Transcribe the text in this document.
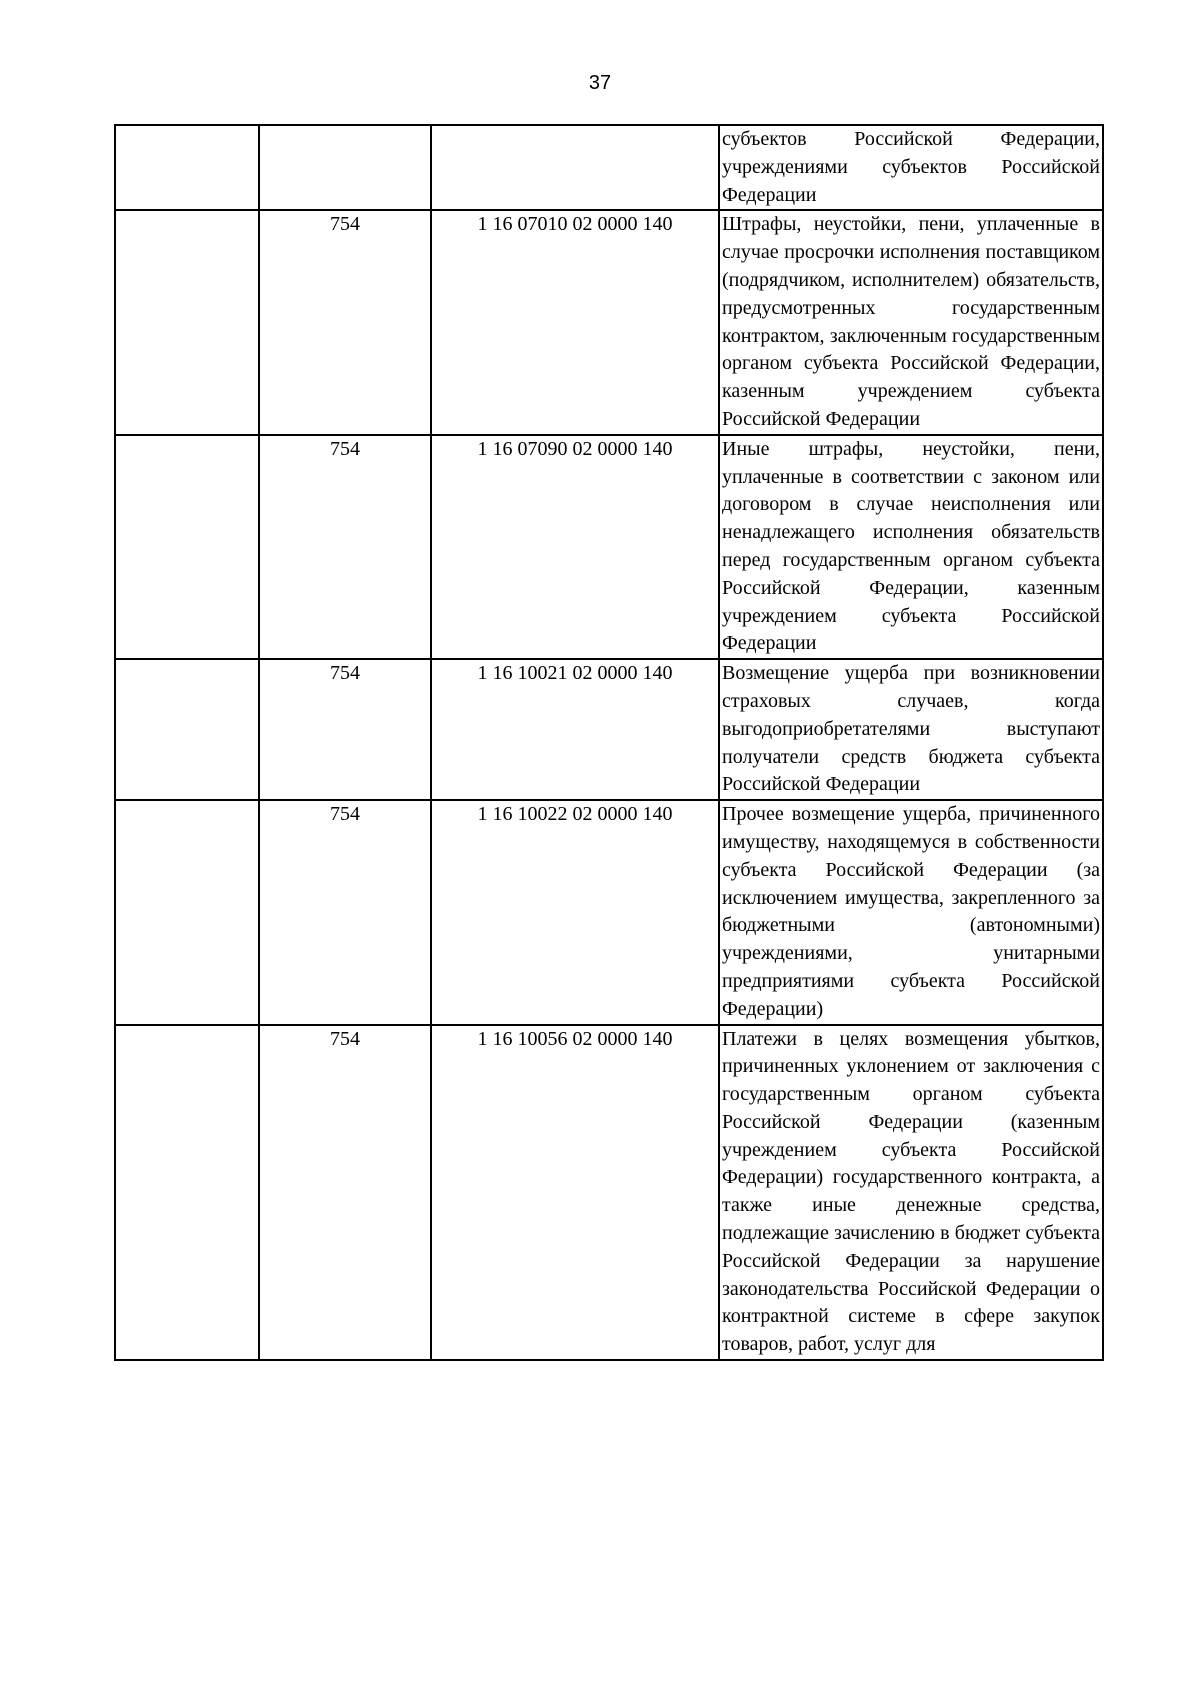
37
			субъектов Российской Федерации, учреждениями субъектов Российской Федерации
	754	1 16 07010 02 0000 140	Штрафы, неустойки, пени, уплаченные в случае просрочки исполнения поставщиком (подрядчиком, исполнителем) обязательств, предусмотренных государственным контрактом, заключенным государственным органом субъекта Российской Федерации, казенным учреждением субъекта Российской Федерации
	754	1 16 07090 02 0000 140	Иные штрафы, неустойки, пени, уплаченные в соответствии с законом или договором в случае неисполнения или ненадлежащего исполнения обязательств перед государственным органом субъекта Российской Федерации, казенным учреждением субъекта Российской Федерации
	754	1 16 10021 02 0000 140	Возмещение ущерба при возникновении страховых случаев, когда выгодоприобретателями выступают получатели средств бюджета субъекта Российской Федерации
	754	1 16 10022 02 0000 140	Прочее возмещение ущерба, причиненного имуществу, находящемуся в собственности субъекта Российской Федерации (за исключением имущества, закрепленного за бюджетными (автономными) учреждениями, унитарными предприятиями субъекта Российской Федерации)
	754	1 16 10056 02 0000 140	Платежи в целях возмещения убытков, причиненных уклонением от заключения с государственным органом субъекта Российской Федерации (казенным учреждением субъекта Российской Федерации) государственного контракта, а также иные денежные средства, подлежащие зачислению в бюджет субъекта Российской Федерации за нарушение законодательства Российской Федерации о контрактной системе в сфере закупок товаров, работ, услуг для
